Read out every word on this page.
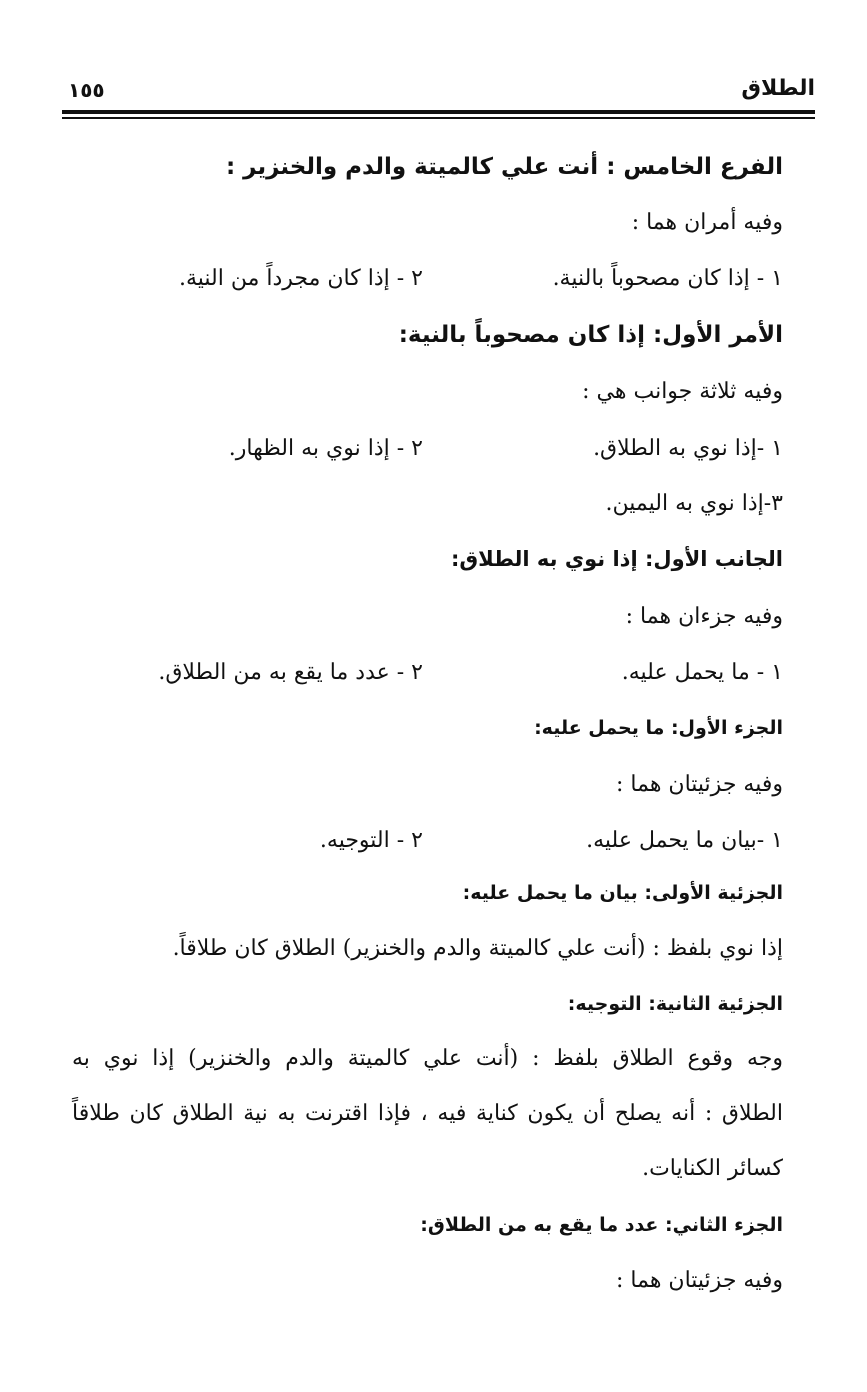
الطلاق
١٥٥
الفرع الخامس : أنت علي كالميتة والدم والخنزير :
وفيه أمران هما :
١ - إذا كان مصحوباً بالنية.
٢ - إذا كان مجرداً من النية.
الأمر الأول: إذا كان مصحوباً بالنية:
وفيه ثلاثة جوانب هي :
١ -إذا نوي به الطلاق.
٢ - إذا نوي به الظهار.
٣-إذا نوي به اليمين.
الجانب الأول: إذا نوي به الطلاق:
وفيه جزءان هما :
١ - ما يحمل عليه.
٢ - عدد ما يقع به من الطلاق.
الجزء الأول: ما يحمل عليه:
وفيه جزئيتان هما :
١ -بيان ما يحمل عليه.
٢ - التوجيه.
الجزئية الأولى: بيان ما يحمل عليه:
إذا نوي بلفظ : (أنت علي كالميتة والدم والخنزير) الطلاق كان طلاقاً.
الجزئية الثانية: التوجيه:
وجه وقوع الطلاق بلفظ : (أنت علي كالميتة والدم والخنزير) إذا نوي به
الطلاق : أنه يصلح أن يكون كناية فيه ، فإذا اقترنت به نية الطلاق كان طلاقاً
كسائر الكنايات.
الجزء الثاني: عدد ما يقع به من الطلاق:
وفيه جزئيتان هما :
